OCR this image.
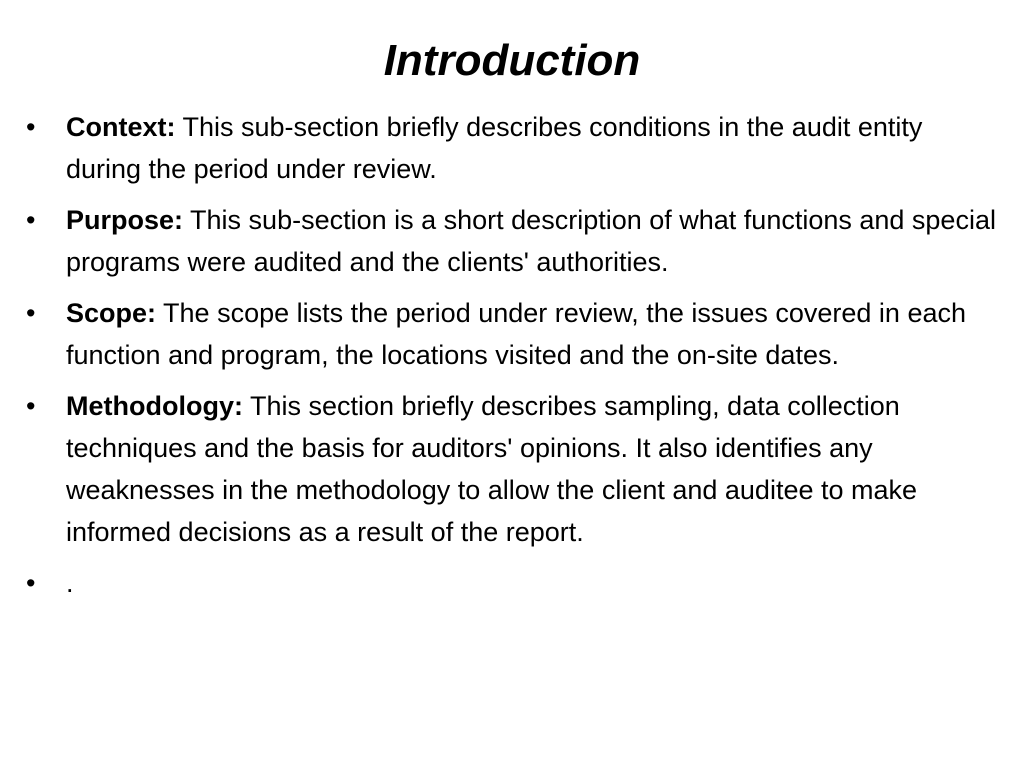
Introduction
•	Context: This sub-section briefly describes conditions in the audit entity during the period under review.
•	Purpose: This sub-section is a short description of what functions and special programs were audited and the clients' authorities.
•	Scope: The scope lists the period under review, the issues covered in each function and program, the locations visited and the on-site dates.
•	Methodology: This section briefly describes sampling, data collection techniques and the basis for auditors' opinions. It also identifies any weaknesses in the methodology to allow the client and auditee to make informed decisions as a result of the report.
•	.
